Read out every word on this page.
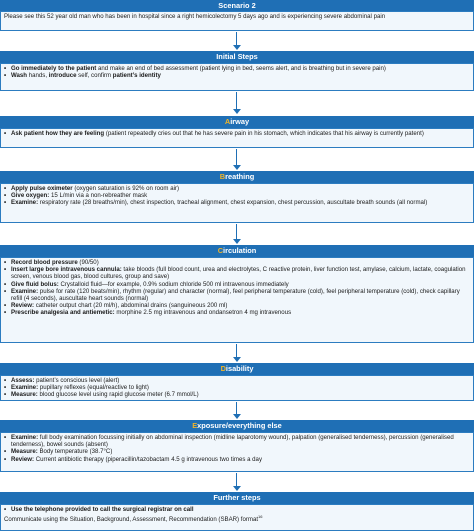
Scenario 2
Please see this 52 year old man who has been in hospital since a right hemicolectomy 5 days ago and is experiencing severe abdominal pain
Initial Steps
• Go immediately to the patient and make an end of bed assessment (patient lying in bed, seems alert, and is breathing but in severe pain)
• Wash hands, introduce self, confirm patient’s identity
Airway
• Ask patient how they are feeling (patient repeatedly cries out that he has severe pain in his stomach, which indicates that his airway is currently patent)
Breathing
• Apply pulse oximeter (oxygen saturation is 92% on room air)
• Give oxygen: 15 L/min via a non-rebreather mask
• Examine: respiratory rate (28 breaths/min), chest inspection, tracheal alignment, chest expansion, chest percussion, auscultate breath sounds (all normal)
Circulation
• Record blood pressure (90/50)
• Insert large bore intravenous cannula: take bloods (full blood count, urea and electrolytes, C reactive protein, liver function test, amylase, calcium, lactate, coagulation screen, venous blood gas, blood cultures, group and save)
• Give fluid bolus: Crystalloid fluid—for example, 0.9% sodium chloride 500 ml intravenous immediately
• Examine: pulse for rate (120 beats/min), rhythm (regular) and character (normal), feel peripheral temperature (cold), feel peripheral temperature (cold), check capillary refill (4 seconds), auscultate heart sounds (normal)
• Review: catheter output chart (20 ml/h), abdominal drains (sanguineous 200 ml)
• Prescribe analgesia and antiemetic: morphine 2.5 mg intravenous and ondansetron 4 mg intravenous
Disability
• Assess: patient’s conscious level (alert)
• Examine: pupillary reflexes (equal/reactive to light)
• Measure: blood glucose level using rapid glucose meter (6.7 mmol/L)
Exposure/everything else
• Examine: full body examination focussing initially on abdominal inspection (midline laparotomy wound), palpation (generalised tenderness), percussion (generalised tenderness), bowel sounds (absent)
• Measure: Body temperature (38.7°C)
• Review: Current antibiotic therapy (piperacillin/tazobactam 4.5 g intravenous two times a day
Further steps
• Use the telephone provided to call the surgical registrar on call
Communicate using the Situation, Background, Assessment, Recommendation (SBAR) format$^{16}$
